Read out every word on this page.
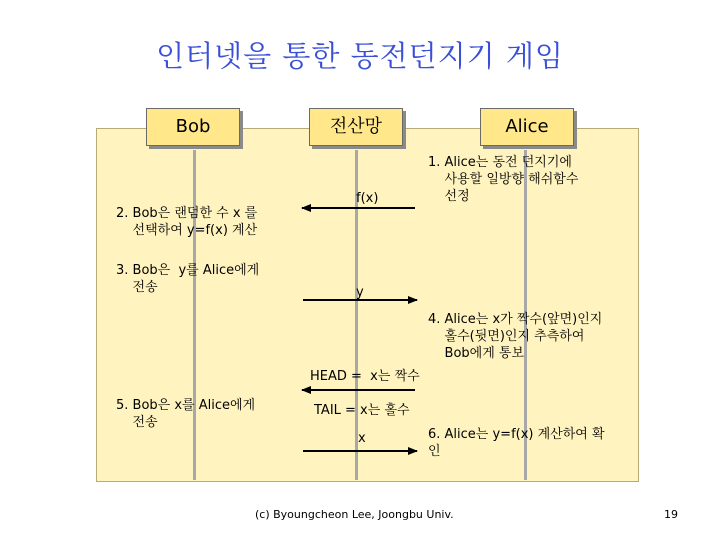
인터넷을 통한 동전던지기 게임
Bob	전산망	Alice
1. Alice는 동전 던지기에
사용할 일방향 해쉬함수
선정
2. Bob은 랜덤한 수 x 를
선택하여 y=f(x) 계산
3. Bob은  y를 Alice에게
전송
4. Alice는 x가 짝수(앞면)인지
홀수(뒷면)인지 추측하여
Bob에게 통보
5. Bob은 x를 Alice에게
전송
6. Alice는 y=f(x) 계산하여 확
인
f(x)
y
HEAD =  x는 짝수
TAIL = x는 홀수
x
(c) Byoungcheon Lee, Joongbu Univ.	19
